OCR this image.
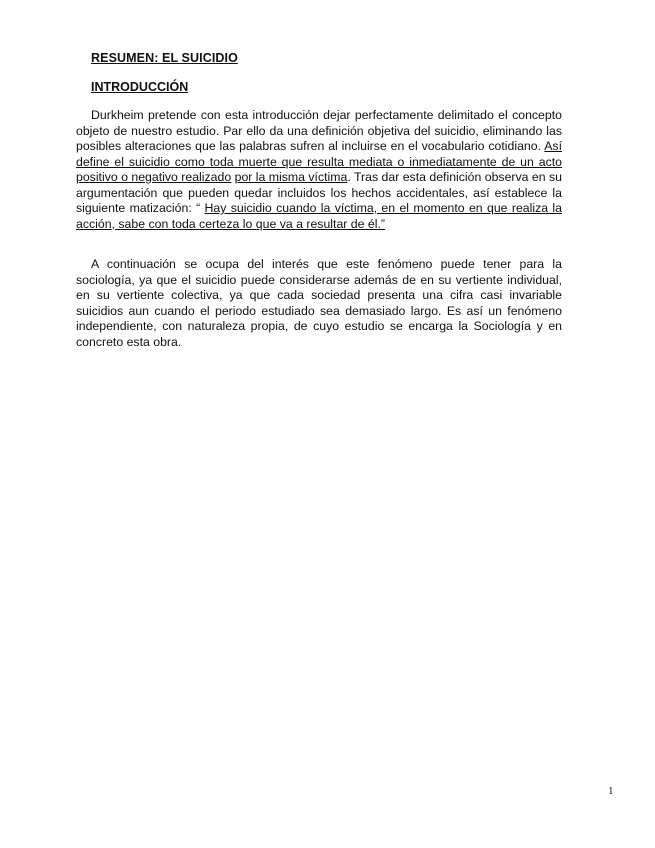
RESUMEN: EL SUICIDIO
INTRODUCCIÓN

Durkheim pretende con esta introducción dejar perfectamente delimitado el concepto objeto de nuestro estudio. Par ello da una definición objetiva del suicidio, eliminando las posibles alteraciones que las palabras sufren al incluirse en el vocabulario cotidiano. Así define el suicidio como toda muerte que resulta mediata o inmediatamente de un acto positivo o negativo realizado por la misma víctima. Tras dar esta definición observa en su argumentación que pueden quedar incluidos los hechos accidentales, así establece la siguiente matización: “ Hay suicidio cuando la víctima, en el momento en que realiza la acción, sabe con toda certeza lo que va a resultar de él.”

A continuación se ocupa del interés que este fenómeno puede tener para la sociología, ya que el suicidio puede considerarse además de en su vertiente individual, en su vertiente colectiva, ya que cada sociedad presenta una cifra casi invariable suicidios aun cuando el periodo estudiado sea demasiado largo. Es así un fenómeno independiente, con naturaleza propia, de cuyo estudio se encarga la Sociología y en concreto esta obra.

1
